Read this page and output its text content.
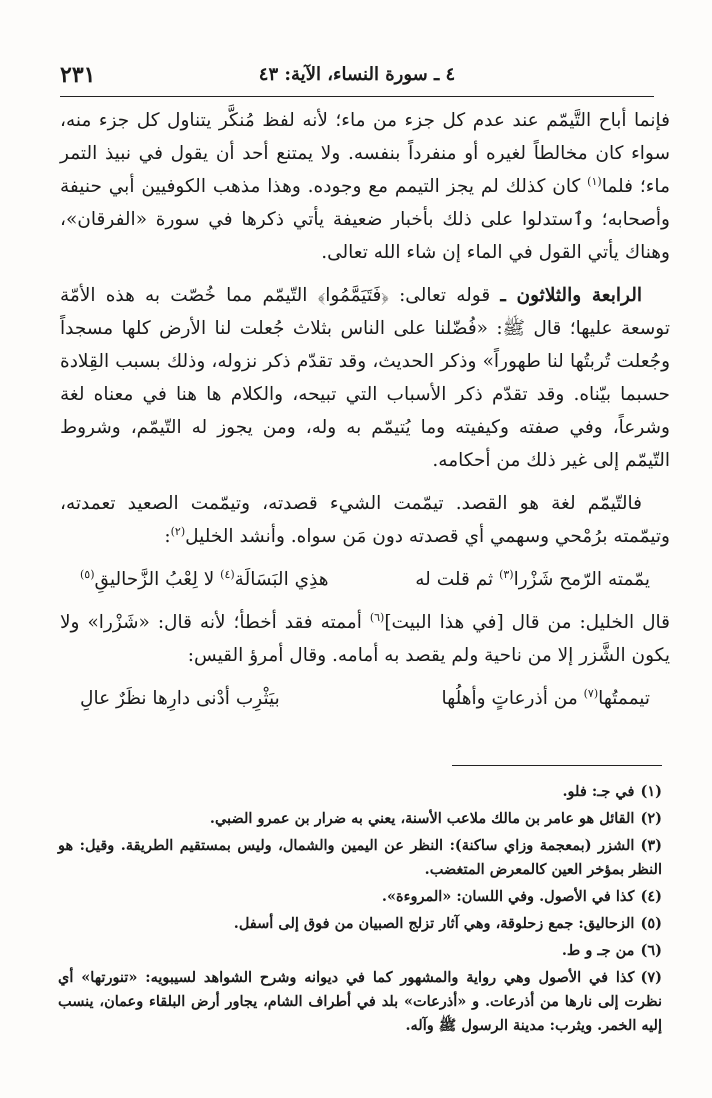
٤ ـ سورة النساء، الآية: ٤٣
٢٣١

فإنما أباح التَّيمّم عند عدم كل جزء من ماء؛ لأنه لفظ مُنكَّر يتناول كل جزء منه، سواء كان مخالطاً لغيره أو منفرداً بنفسه. ولا يمتنع أحد أن يقول في نبيذ التمر ماء؛ فلما$^{(١)}$ كان كذلك لم يجز التيمم مع وجوده. وهذا مذهب الكوفيين أبي حنيفة وأصحابه؛ وٱستدلوا على ذلك بأخبار ضعيفة يأتي ذكرها في سورة «الفرقان»، وهناك يأتي القول في الماء إن شاء الله تعالى.

الرابعة والثلاثون ـ قوله تعالى: ﴿فَتَيَمَّمُوا﴾ التّيمّم مما خُصّت به هذه الأمّة توسعة عليها؛ قال ﷺ: «فُضّلنا على الناس بثلاث جُعلت لنا الأرض كلها مسجداً وجُعلت تُربتُها لنا طهوراً» وذكر الحديث، وقد تقدّم ذكر نزوله، وذلك بسبب القِلادة حسبما بيّناه. وقد تقدّم ذكر الأسباب التي تبيحه، والكلام ها هنا في معناه لغة وشرعاً، وفي صفته وكيفيته وما يُتيمّم به وله، ومن يجوز له التّيمّم، وشروط التّيمّم إلى غير ذلك من أحكامه.

فالتّيمّم لغة هو القصد. تيمّمت الشيء قصدته، وتيمّمت الصعيد تعمدته، وتيمّمته برُمْحي وسهمي أي قصدته دون مَن سواه. وأنشد الخليل$^{(٢)}$:

يمّمته الرّمح شَزْرا$^{(٣)}$ ثم قلت له
هذِي البَسَالَة$^{(٤)}$ لا لِعْبُ الزَّحاليقِ$^{(٥)}$

قال الخليل: من قال [في هذا البيت]$^{(٦)}$ أممته فقد أخطأ؛ لأنه قال: «شَزْرا» ولا يكون الشَّزر إلا من ناحية ولم يقصد به أمامه. وقال أمرؤ القيس:

تيممتُها$^{(٧)}$ من أذرعاتٍ وأهلُها
بيَثْرِب أدْنى دارِها نظَرٌ عالِ
(١)في جـ: فلو.
(٢)القائل هو عامر بن مالك ملاعب الأسنة، يعني به ضرار بن عمرو الضبي.
(٣)الشزر (بمعجمة وزاي ساكنة): النظر عن اليمين والشمال، وليس بمستقيم الطريقة. وقيل: هو النظر بمؤخر العين كالمعرض المتغضب.
(٤)كذا في الأصول. وفي اللسان: «المروءة».
(٥)الزحاليق: جمع زحلوقة، وهي آثار تزلج الصبيان من فوق إلى أسفل.
(٦)من جـ و ط.
(٧)كذا في الأصول وهي رواية والمشهور كما في ديوانه وشرح الشواهد لسيبويه: «تنورتها» أي نظرت إلى نارها من أذرعات. و «أذرعات» بلد في أطراف الشام، يجاور أرض البلقاء وعمان، ينسب إليه الخمر. ويثرب: مدينة الرسول ﷺ وآله.
